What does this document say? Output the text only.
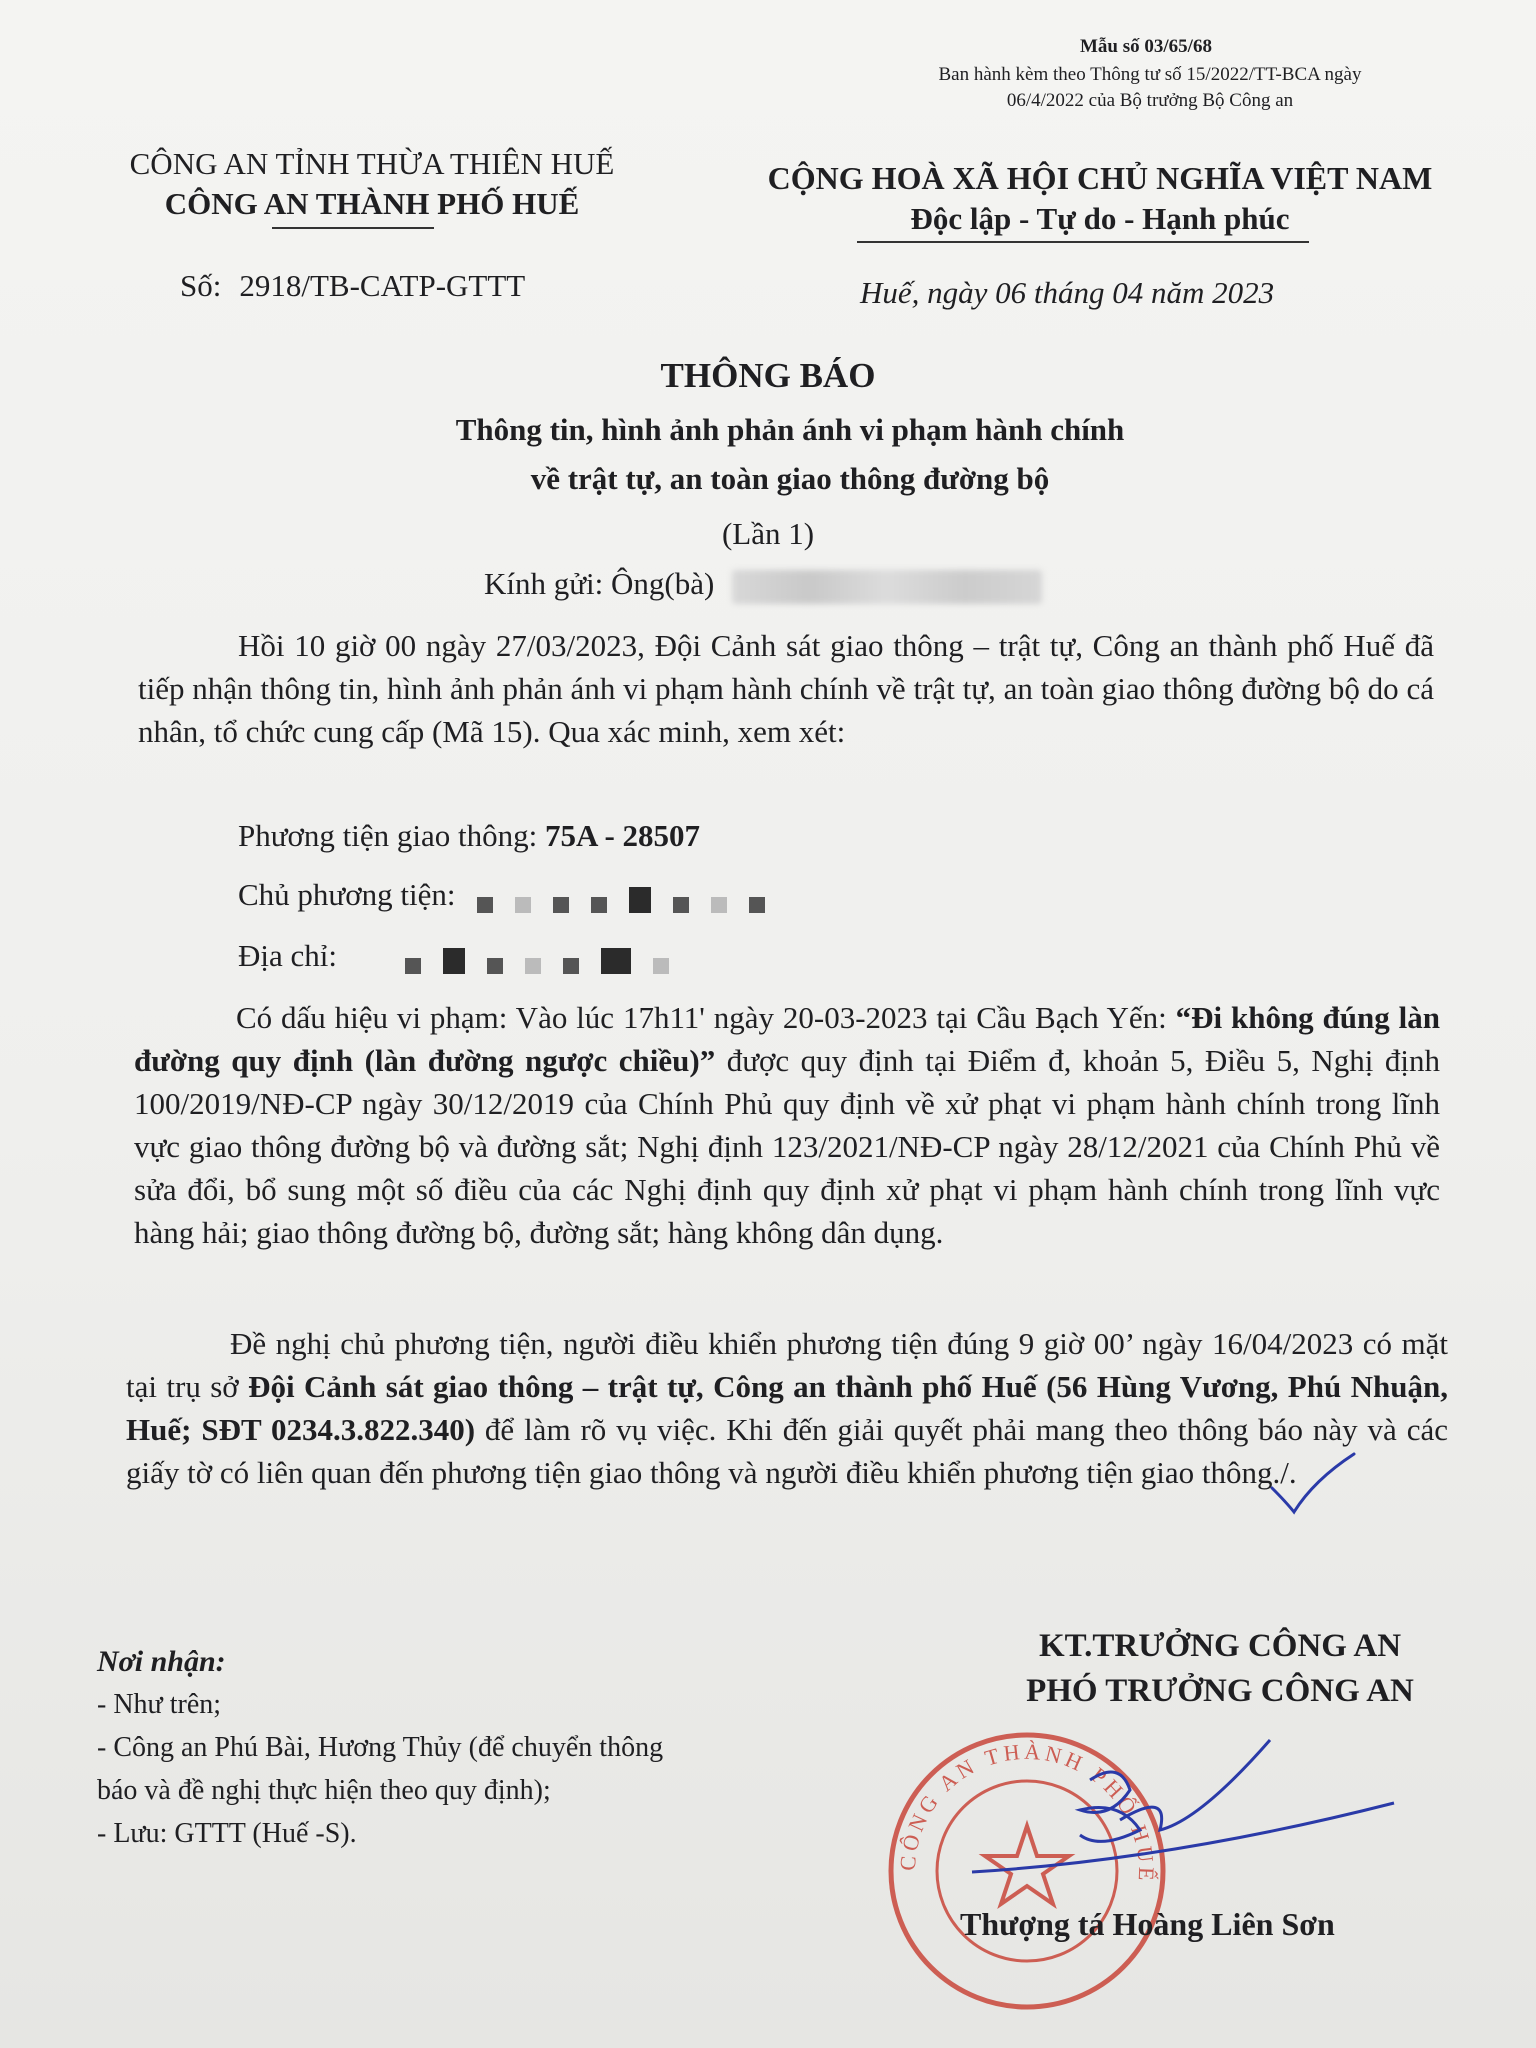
Mẫu số 03/65/68
Ban hành kèm theo Thông tư số 15/2022/TT-BCA ngày 06/4/2022 của Bộ trưởng Bộ Công an
CÔNG AN TỈNH THỪA THIÊN HUẾ
CÔNG AN THÀNH PHỐ HUẾ
CỘNG HOÀ XÃ HỘI CHỦ NGHĨA VIỆT NAM
Độc lập - Tự do - Hạnh phúc
Số: 2918/TB-CATP-GTTT	Huế, ngày 06 tháng 04 năm 2023
THÔNG BÁO
Thông tin, hình ảnh phản ánh vi phạm hành chính
về trật tự, an toàn giao thông đường bộ
(Lần 1)
Kính gửi: Ông(bà)
Hồi 10 giờ 00 ngày 27/03/2023, Đội Cảnh sát giao thông – trật tự, Công an thành phố Huế đã tiếp nhận thông tin, hình ảnh phản ánh vi phạm hành chính về trật tự, an toàn giao thông đường bộ do cá nhân, tổ chức cung cấp (Mã 15). Qua xác minh, xem xét:
Phương tiện giao thông: 75A - 28507
Chủ phương tiện:
Địa chỉ:
Có dấu hiệu vi phạm: Vào lúc 17h11' ngày 20-03-2023 tại Cầu Bạch Yến: “Đi không đúng làn đường quy định (làn đường ngược chiều)” được quy định tại Điểm đ, khoản 5, Điều 5, Nghị định 100/2019/NĐ-CP ngày 30/12/2019 của Chính Phủ quy định về xử phạt vi phạm hành chính trong lĩnh vực giao thông đường bộ và đường sắt; Nghị định 123/2021/NĐ-CP ngày 28/12/2021 của Chính Phủ về sửa đổi, bổ sung một số điều của các Nghị định quy định xử phạt vi phạm hành chính trong lĩnh vực hàng hải; giao thông đường bộ, đường sắt; hàng không dân dụng.
Đề nghị chủ phương tiện, người điều khiển phương tiện đúng 9 giờ 00’ ngày 16/04/2023 có mặt tại trụ sở Đội Cảnh sát giao thông – trật tự, Công an thành phố Huế (56 Hùng Vương, Phú Nhuận, Huế; SĐT 0234.3.822.340) để làm rõ vụ việc. Khi đến giải quyết phải mang theo thông báo này và các giấy tờ có liên quan đến phương tiện giao thông và người điều khiển phương tiện giao thông./.
Nơi nhận:
- Như trên;
- Công an Phú Bài, Hương Thủy (để chuyển thông
báo và đề nghị thực hiện theo quy định);
- Lưu: GTTT (Huế -S).
CÔNG AN THÀNH PHỐ HUẾ
KT.TRƯỞNG CÔNG AN
PHÓ TRƯỞNG CÔNG AN
Thượng tá Hoàng Liên Sơn
